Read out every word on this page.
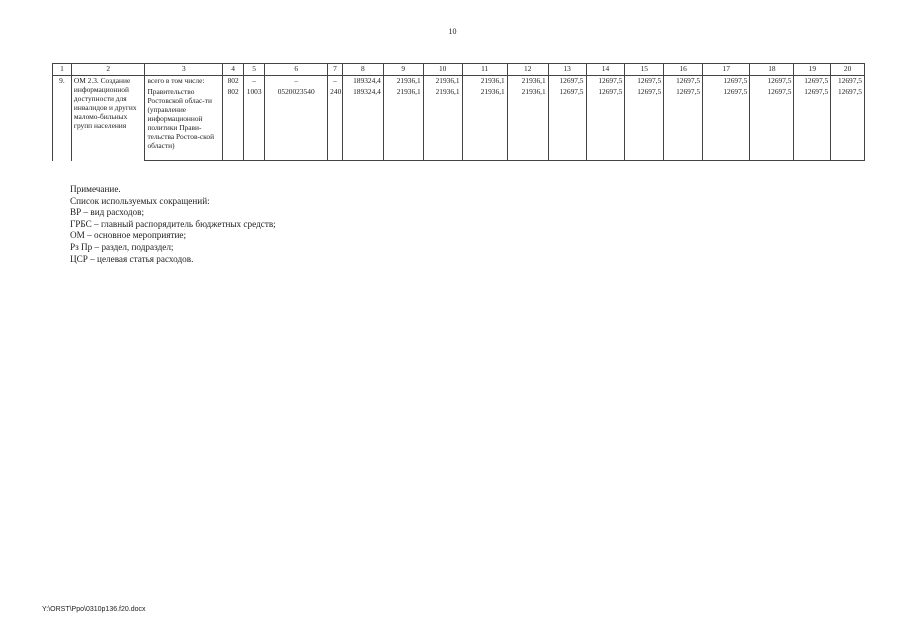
10
1	2	3	4	5	6	7	8	9	10	11	12	13	14	15	16	17	18	19	20
9.	ОМ 2.3. Создание информационной доступности для инвалидов и других маломо-бильных групп населения	всего в том числе:	802	–	–	–	189324,4	21936,1	21936,1	21936,1	21936,1	12697,5	12697,5	12697,5	12697,5	12697,5	12697,5	12697,5	12697,5
		Правительство Ростовской облас-ти (управление информационной политики Прави-тельства Ростов-ской области)	802	1003	0520023540	240	189324,4	21936,1	21936,1	21936,1	21936,1	12697,5	12697,5	12697,5	12697,5	12697,5	12697,5	12697,5	12697,5
Примечание.
Список используемых сокращений:
ВР – вид расходов;
ГРБС – главный распорядитель бюджетных средств;
ОМ – основное мероприятие;
Рз Пр – раздел, подраздел;
ЦСР – целевая статья расходов.
Y:\ORST\Ppo\0310p136.f20.docx
